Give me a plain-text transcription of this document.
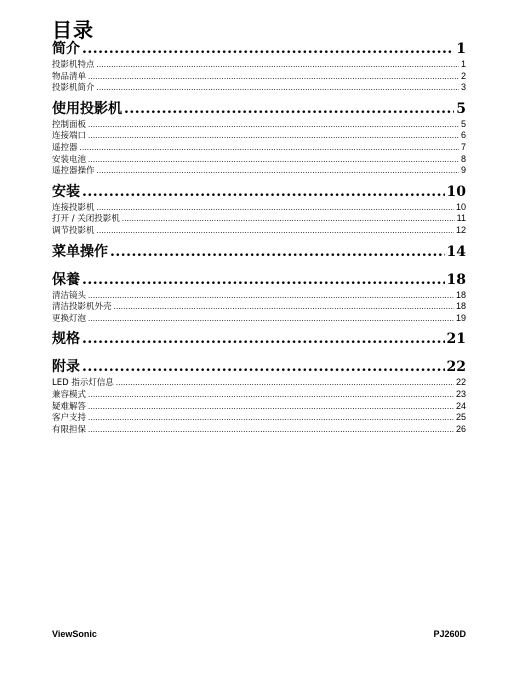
目录
简介 .....	1
投影机特点 .....	1
物品清单 .....	2
投影机简介 .....	3
使用投影机 .....	5
控制面板 .....	5
连接端口 .....	6
遥控器 .....	7
安装电池 .....	8
遥控器操作 .....	9
安装 .....	10
连接投影机 .....	10
打开 / 关闭投影机 .....	11
调节投影机 .....	12
菜单操作 .....	14
保養 .....	18
清洁镜头 .....	18
清洁投影机外壳 .....	18
更换灯泡 .....	19
规格 .....	21
附录 .....	22
LED 指示灯信息 .....	22
兼容模式 .....	23
疑难解答 .....	24
客户支持 .....	25
有限担保 .....	26
ViewSonic	PJ260D
